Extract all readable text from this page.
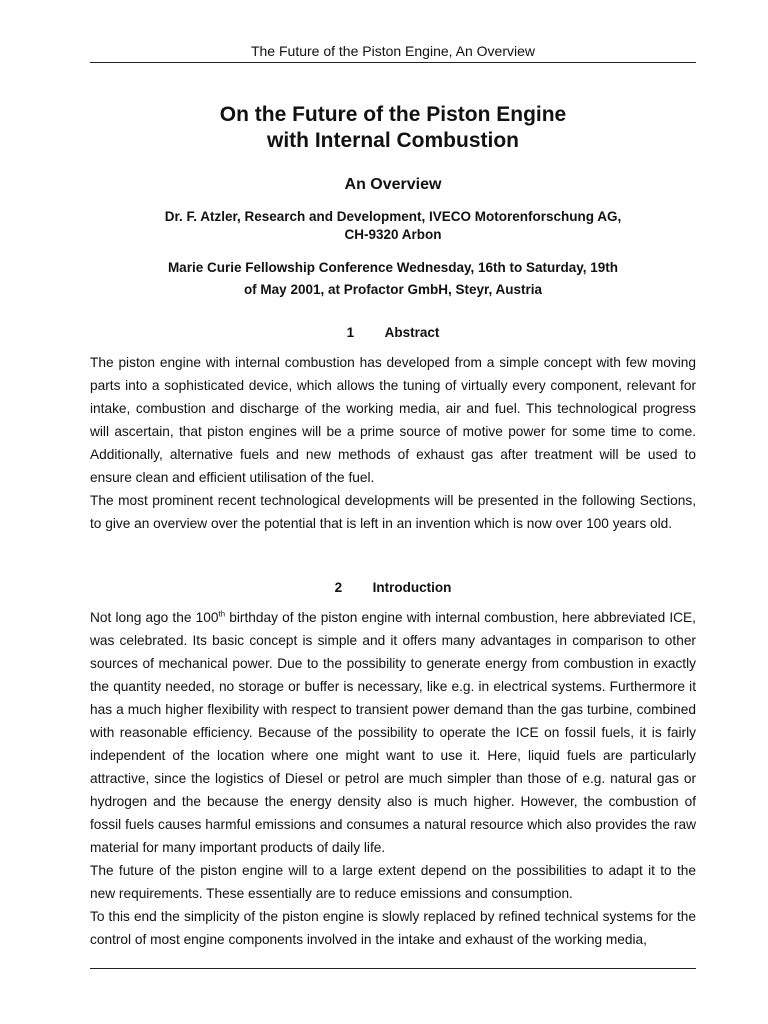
The Future of the Piston Engine, An Overview
On the Future of the Piston Engine
with Internal Combustion
An Overview
Dr. F. Atzler, Research and Development, IVECO Motorenforschung AG,
CH-9320 Arbon
Marie Curie Fellowship Conference Wednesday, 16th to Saturday, 19th
of May 2001, at Profactor GmbH, Steyr, Austria
1 Abstract

The piston engine with internal combustion has developed from a simple concept with few moving parts into a sophisticated device, which allows the tuning of virtually every component, relevant for intake, combustion and discharge of the working media, air and fuel. This technological progress will ascertain, that piston engines will be a prime source of motive power for some time to come. Additionally, alternative fuels and new methods of exhaust gas after treatment will be used to ensure clean and efficient utilisation of the fuel.

The most prominent recent technological developments will be presented in the following Sections, to give an overview over the potential that is left in an invention which is now over 100 years old.

2 Introduction

Not long ago the 100th birthday of the piston engine with internal combustion, here abbreviated ICE, was celebrated. Its basic concept is simple and it offers many advantages in comparison to other sources of mechanical power. Due to the possibility to generate energy from combustion in exactly the quantity needed, no storage or buffer is necessary, like e.g. in electrical systems. Furthermore it has a much higher flexibility with respect to transient power demand than the gas turbine, combined with reasonable efficiency. Because of the possibility to operate the ICE on fossil fuels, it is fairly independent of the location where one might want to use it. Here, liquid fuels are particularly attractive, since the logistics of Diesel or petrol are much simpler than those of e.g. natural gas or hydrogen and the because the energy density also is much higher. However, the combustion of fossil fuels causes harmful emissions and consumes a natural resource which also provides the raw material for many important products of daily life.

The future of the piston engine will to a large extent depend on the possibilities to adapt it to the new requirements. These essentially are to reduce emissions and consumption.

To this end the simplicity of the piston engine is slowly replaced by refined technical systems for the control of most engine components involved in the intake and exhaust of the working media,
